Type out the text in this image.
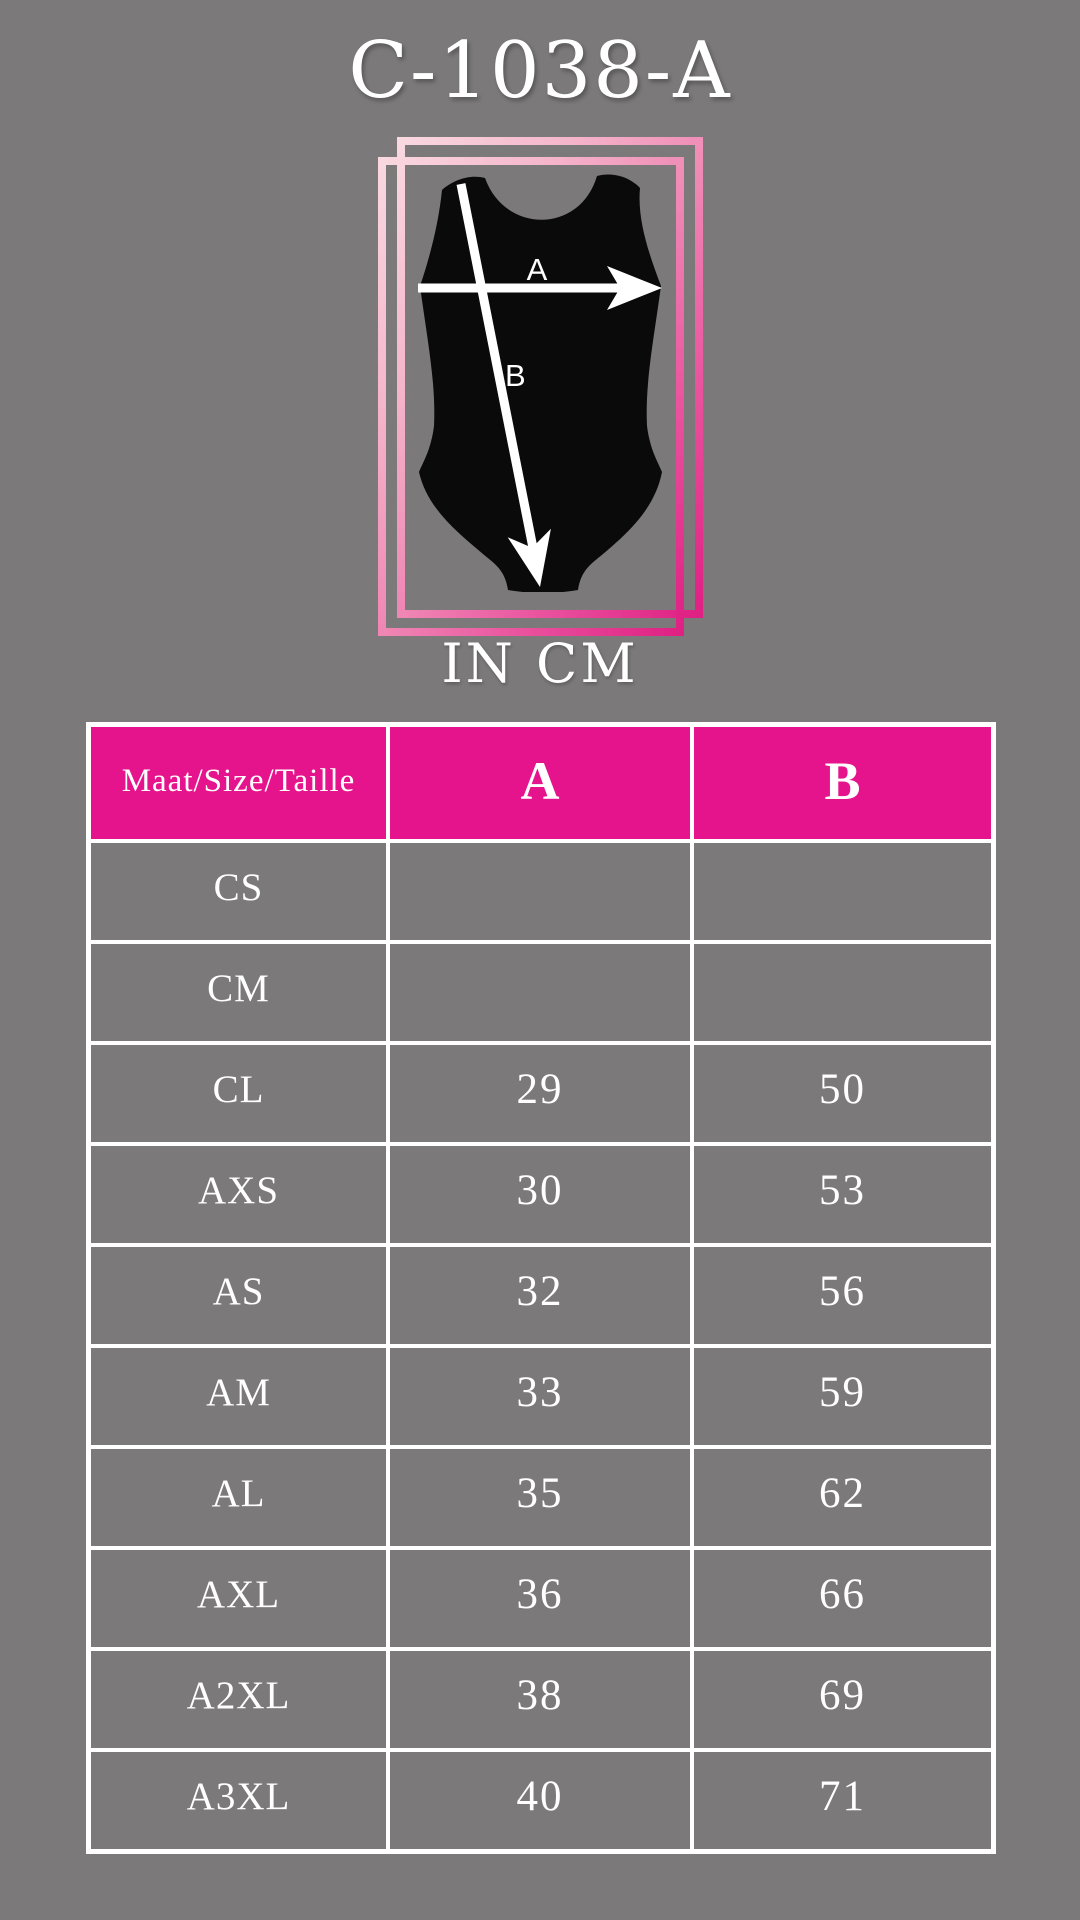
C-1038-A
A
B
IN CM
Maat/Size/Taille	A	B
CS
CM
CL	29	50
AXS	30	53
AS	32	56
AM	33	59
AL	35	62
AXL	36	66
A2XL	38	69
A3XL	40	71
